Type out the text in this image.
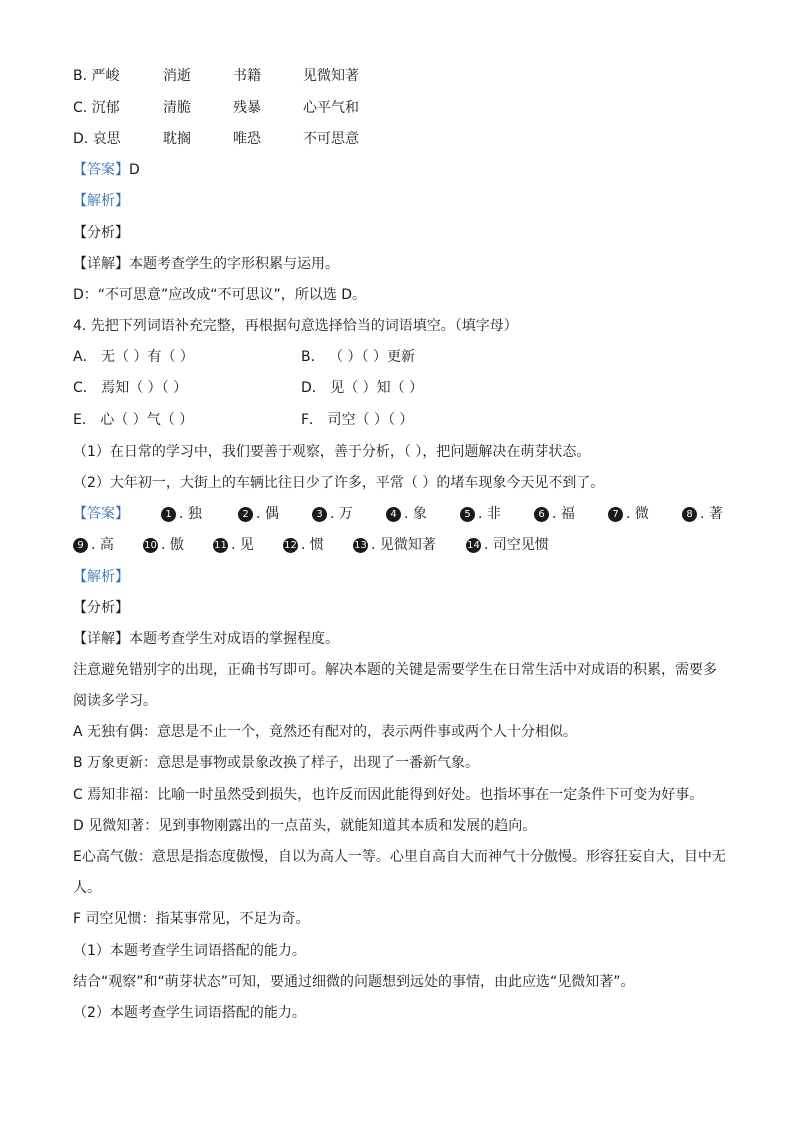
B. 严峻	消逝	书籍	见微知著
C. 沉郁	清脆	残暴	心平气和
D. 哀思	耽搁	唯恐	不可思意
【答案】D
【解析】
【分析】
【详解】本题考查学生的字形积累与运用。
D：“不可思意”应改成“不可思议”，所以选 D。
4. 先把下列词语补充完整，再根据句意选择恰当的词语填空。（填字母）
A． 无（ ）有（ ）	B． （ ）（ ）更新
C． 焉知（ ）（ ）	D． 见（ ）知（ ）
E． 心（ ）气（ ）	F． 司空（ ）（ ）
（1）在日常的学习中，我们要善于观察，善于分析，（ ），把问题解决在萌芽状态。
（2）大年初一，大街上的车辆比往日少了许多，平常（ ）的堵车现象今天见不到了。
【答案】	1 . 独	2 . 偶	3 . 万	4 . 象	5 . 非	6 . 福	7 . 微	8 . 著
9 . 高	10 . 傲	11 . 见	12 . 惯	13 . 见微知著	14 . 司空见惯
【解析】
【分析】
【详解】本题考查学生对成语的掌握程度。
注意避免错别字的出现，正确书写即可。解决本题的关键是需要学生在日常生活中对成语的积累，需要多
阅读多学习。
A 无独有偶：意思是不止一个，竟然还有配对的，表示两件事或两个人十分相似。
B 万象更新：意思是事物或景象改换了样子，出现了一番新气象。
C 焉知非福：比喻一时虽然受到损失，也许反而因此能得到好处。也指坏事在一定条件下可变为好事。
D 见微知著：见到事物刚露出的一点苗头，就能知道其本质和发展的趋向。
E心高气傲：意思是指态度傲慢，自以为高人一等。心里自高自大而神气十分傲慢。形容狂妄自大，目中无
人。
F 司空见惯：指某事常见，不足为奇。
（1）本题考查学生词语搭配的能力。
结合“观察”和“萌芽状态”可知，要通过细微的问题想到远处的事情，由此应选“见微知著”。
（2）本题考查学生词语搭配的能力。
